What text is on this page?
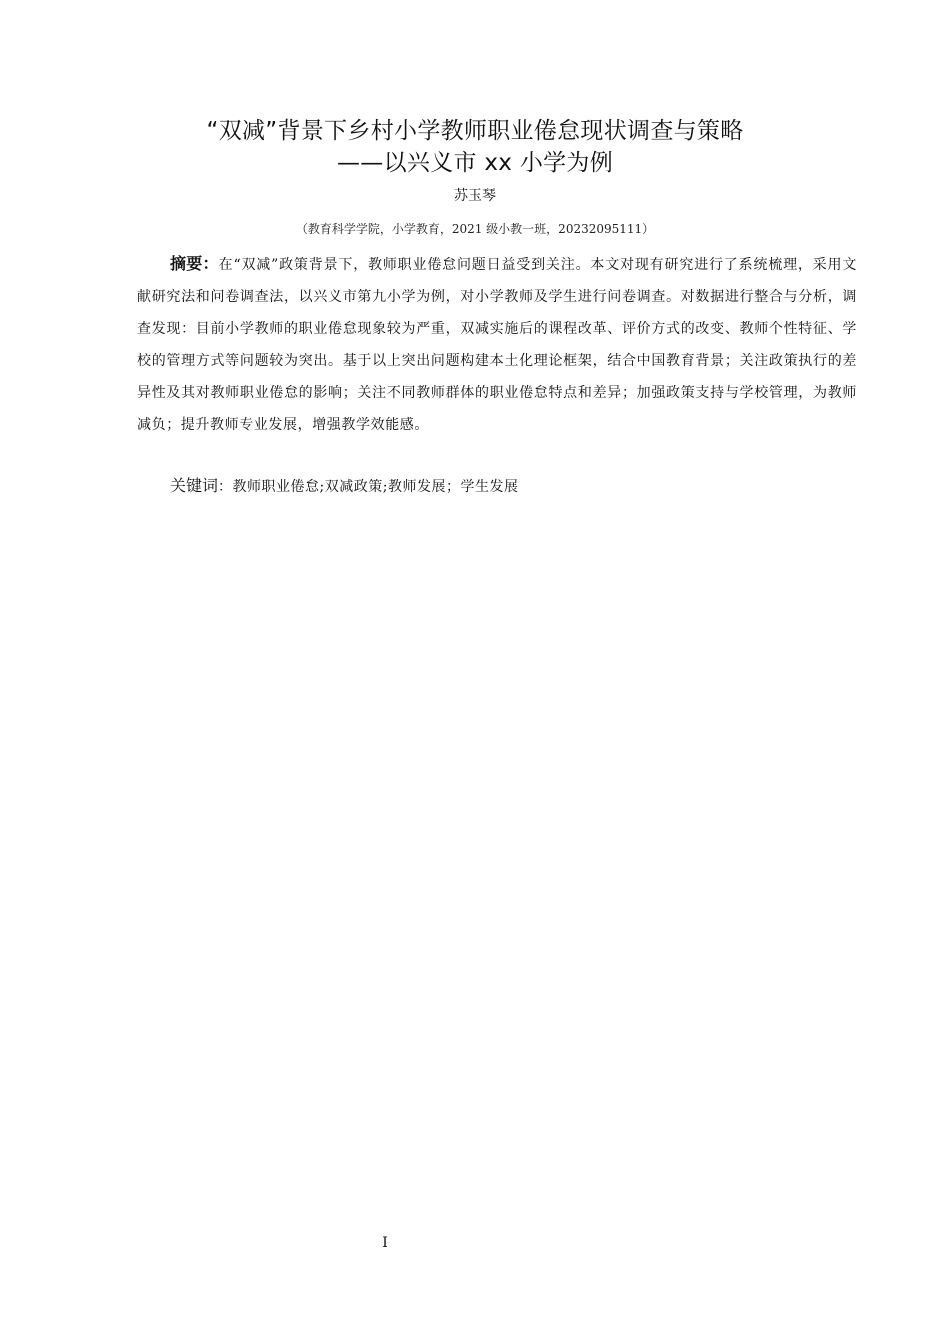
“双减”背景下乡村小学教师职业倦怠现状调查与策略
——以兴义市 xx 小学为例
苏玉琴
（教育科学学院，小学教育，2021 级小教一班，20232095111）

摘要：在“双减”政策背景下，教师职业倦怠问题日益受到关注。本文对现有研究进行了系统梳理，采用文献研究法和问卷调查法，以兴义市第九小学为例，对小学教师及学生进行问卷调查。对数据进行整合与分析，调查发现：目前小学教师的职业倦怠现象较为严重，双减实施后的课程改革、评价方式的改变、教师个性特征、学校的管理方式等问题较为突出。基于以上突出问题构建本土化理论框架，结合中国教育背景；关注政策执行的差异性及其对教师职业倦怠的影响；关注不同教师群体的职业倦怠特点和差异；加强政策支持与学校管理，为教师减负；提升教师专业发展，增强教学效能感。

关键词：教师职业倦怠;双减政策;教师发展；学生发展

I
